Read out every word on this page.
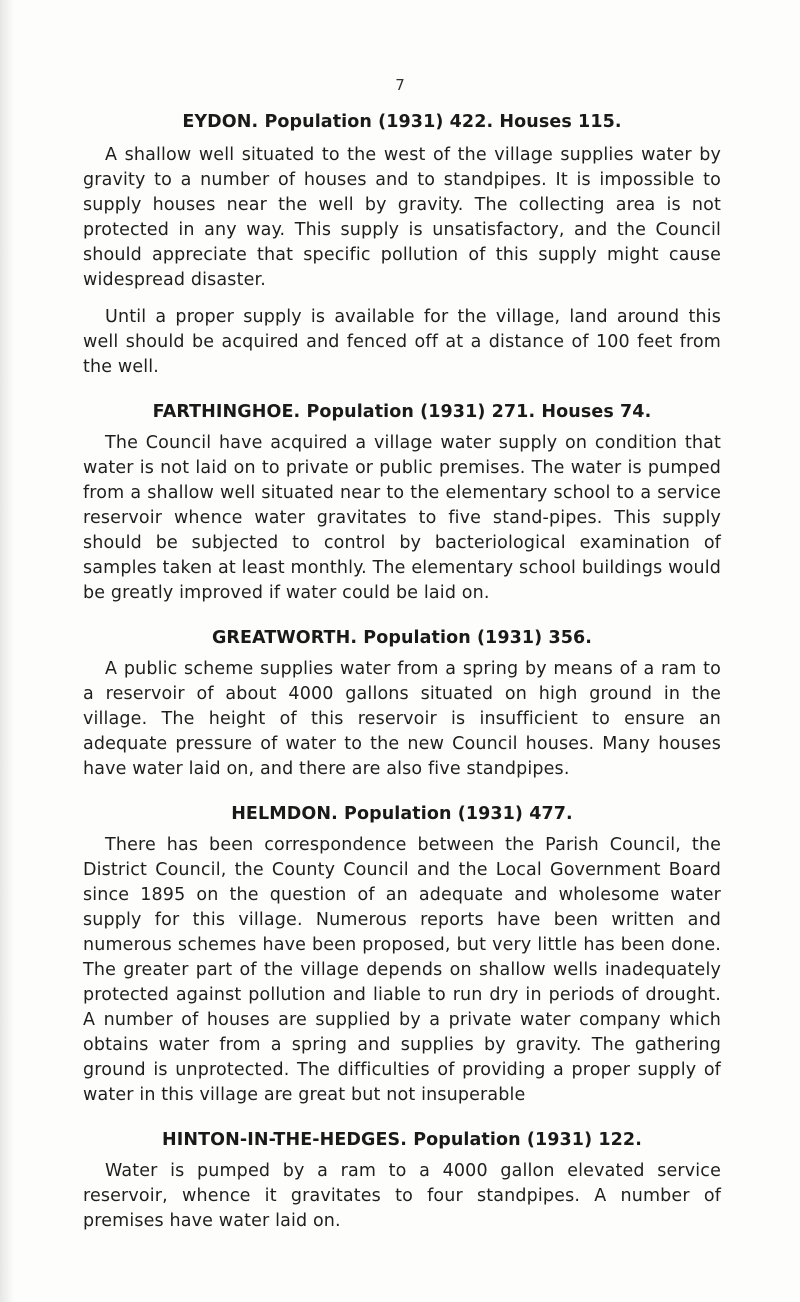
7
EYDON. Population (1931) 422. Houses 115.

A shallow well situated to the west of the village supplies water by gravity to a number of houses and to standpipes. It is impossible to supply houses near the well by gravity. The collecting area is not protected in any way. This supply is unsatisfactory, and the Council should appreciate that specific pollution of this supply might cause widespread disaster.

Until a proper supply is available for the village, land around this well should be acquired and fenced off at a distance of 100 feet from the well.

FARTHINGHOE. Population (1931) 271. Houses 74.

The Council have acquired a village water supply on condition that water is not laid on to private or public premises. The water is pumped from a shallow well situated near to the elementary school to a service reservoir whence water gravitates to five stand-pipes. This supply should be subjected to control by bacteriological examination of samples taken at least monthly. The elementary school buildings would be greatly improved if water could be laid on.

GREATWORTH. Population (1931) 356.

A public scheme supplies water from a spring by means of a ram to a reservoir of about 4000 gallons situated on high ground in the village. The height of this reservoir is insufficient to ensure an adequate pressure of water to the new Council houses. Many houses have water laid on, and there are also five standpipes.

HELMDON. Population (1931) 477.

There has been correspondence between the Parish Council, the District Council, the County Council and the Local Government Board since 1895 on the question of an adequate and wholesome water supply for this village. Numerous reports have been written and numerous schemes have been proposed, but very little has been done. The greater part of the village depends on shallow wells inadequately protected against pollution and liable to run dry in periods of drought. A number of houses are supplied by a private water company which obtains water from a spring and supplies by gravity. The gathering ground is unprotected. The difficulties of providing a proper supply of water in this village are great but not insuperable

HINTON-IN-THE-HEDGES. Population (1931) 122.

Water is pumped by a ram to a 4000 gallon elevated service reservoir, whence it gravitates to four standpipes. A number of premises have water laid on.
